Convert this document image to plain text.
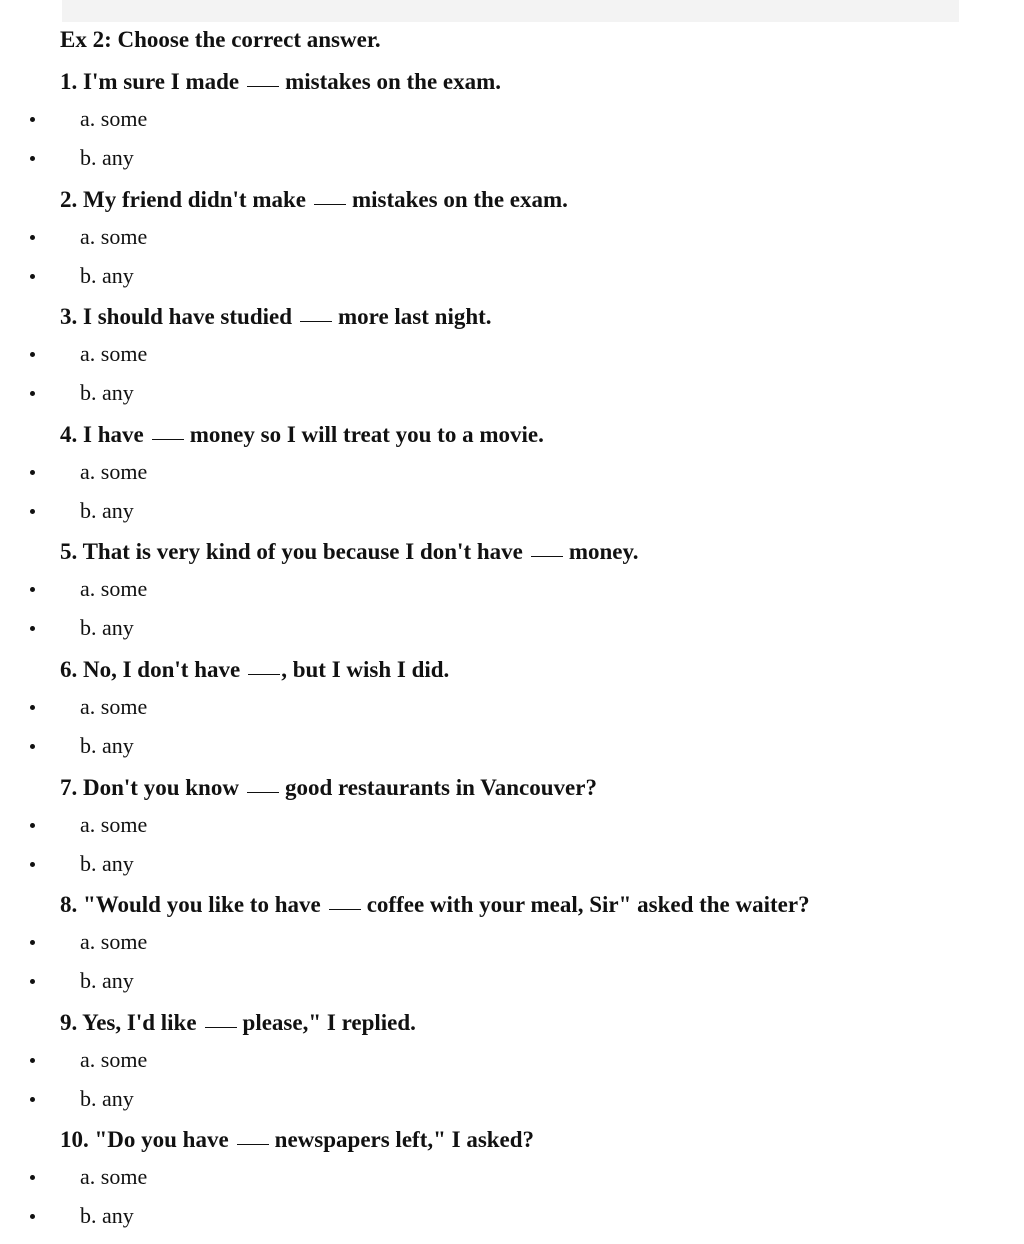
Ex 2: Choose the correct answer.
1. I'm sure I made mistakes on the exam.
a. some
b. any
2. My friend didn't make mistakes on the exam.
a. some
b. any
3. I should have studied more last night.
a. some
b. any
4. I have money so I will treat you to a movie.
a. some
b. any
5. That is very kind of you because I don't have money.
a. some
b. any
6. No, I don't have , but I wish I did.
a. some
b. any
7. Don't you know good restaurants in Vancouver?
a. some
b. any
8. "Would you like to have coffee with your meal, Sir" asked the waiter?
a. some
b. any
9. Yes, I'd like please," I replied.
a. some
b. any
10. "Do you have newspapers left," I asked?
a. some
b. any
